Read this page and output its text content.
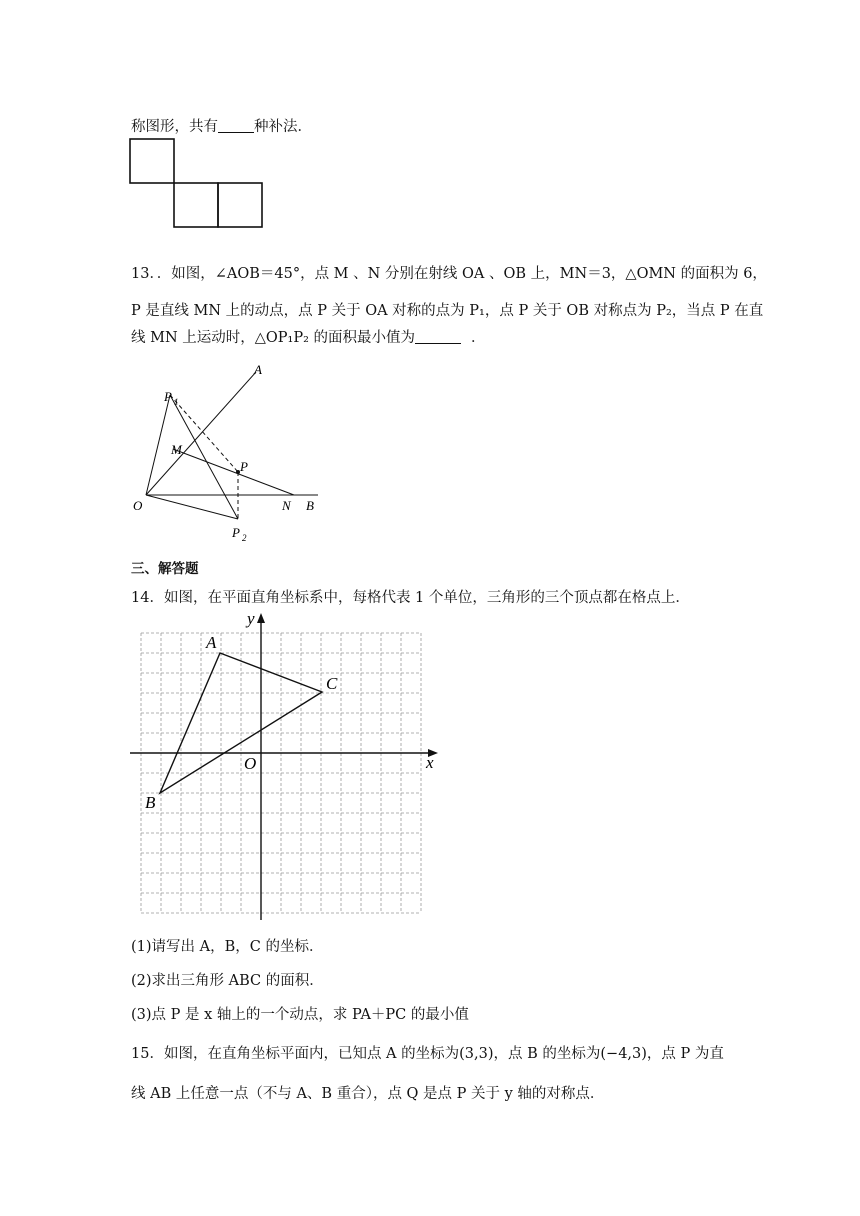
称图形，共有 种补法．
13．．如图，∠AOB＝45°，点 M 、N 分别在射线 OA 、OB 上，MN＝3，△OMN 的面积为 6，
P 是直线 MN 上的动点，点 P 关于 OA 对称的点为 P₁，点 P 关于 OB 对称点为 P₂，当点 P 在直
线 MN 上运动时，△OP₁P₂ 的面积最小值为	．
A
P 1
M
P
O	N B
P 2
三、解答题
14．如图，在平面直角坐标系中，每格代表 1 个单位，三角形的三个顶点都在格点上．
y
x
O
A
B
C
(1)请写出 A，B，C 的坐标．
(2)求出三角形 ABC 的面积．
(3)点 P 是 x 轴上的一个动点，求 PA＋PC 的最小值
15．如图，在直角坐标平面内，已知点 A 的坐标为(3,3)，点 B 的坐标为(−4,3)，点 P 为直
线 AB 上任意一点（不与 A、B 重合），点 Q 是点 P 关于 y 轴的对称点．
